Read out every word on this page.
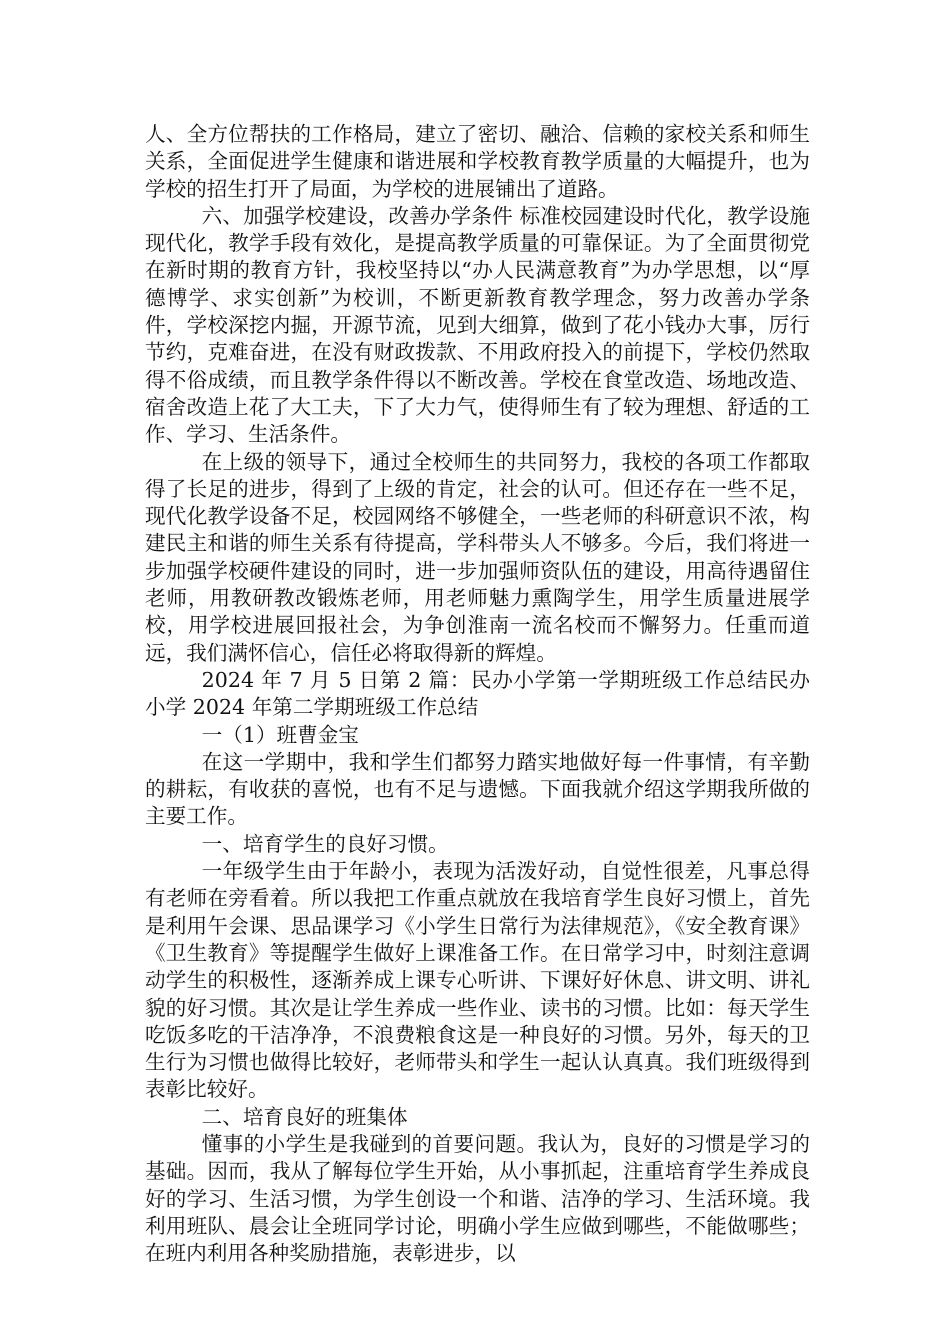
人、全方位帮扶的工作格局，建立了密切、融洽、信赖的家校关系和师生关系，全面促进学生健康和谐进展和学校教育教学质量的大幅提升，也为学校的招生打开了局面，为学校的进展铺出了道路。

六、加强学校建设，改善办学条件 标准校园建设时代化，教学设施现代化，教学手段有效化，是提高教学质量的可靠保证。为了全面贯彻党在新时期的教育方针，我校坚持以“办人民满意教育”为办学思想，以“厚德博学、求实创新”为校训，不断更新教育教学理念，努力改善办学条件，学校深挖内掘，开源节流，见到大细算，做到了花小钱办大事，厉行节约，克难奋进，在没有财政拨款、不用政府投入的前提下，学校仍然取得不俗成绩，而且教学条件得以不断改善。学校在食堂改造、场地改造、宿舍改造上花了大工夫，下了大力气，使得师生有了较为理想、舒适的工作、学习、生活条件。

在上级的领导下，通过全校师生的共同努力，我校的各项工作都取得了长足的进步，得到了上级的肯定，社会的认可。但还存在一些不足，现代化教学设备不足，校园网络不够健全，一些老师的科研意识不浓，构建民主和谐的师生关系有待提高，学科带头人不够多。今后，我们将进一步加强学校硬件建设的同时，进一步加强师资队伍的建设，用高待遇留住老师，用教研教改锻炼老师，用老师魅力熏陶学生，用学生质量进展学校，用学校进展回报社会，为争创淮南一流名校而不懈努力。任重而道远，我们满怀信心，信任必将取得新的辉煌。

2024 年 7 月 5 日第 2 篇：民办小学第一学期班级工作总结民办小学 2024 年第二学期班级工作总结

一（1）班曹金宝

在这一学期中，我和学生们都努力踏实地做好每一件事情，有辛勤的耕耘，有收获的喜悦，也有不足与遗憾。下面我就介绍这学期我所做的主要工作。

一、培育学生的良好习惯。

一年级学生由于年龄小，表现为活泼好动，自觉性很差，凡事总得有老师在旁看着。所以我把工作重点就放在我培育学生良好习惯上，首先是利用午会课、思品课学习《小学生日常行为法律规范》，《安全教育课》《卫生教育》等提醒学生做好上课准备工作。在日常学习中，时刻注意调动学生的积极性，逐渐养成上课专心听讲、下课好好休息、讲文明、讲礼貌的好习惯。其次是让学生养成一些作业、读书的习惯。比如：每天学生吃饭多吃的干洁净净，不浪费粮食这是一种良好的习惯。另外，每天的卫生行为习惯也做得比较好，老师带头和学生一起认认真真。我们班级得到表彰比较好。

二、培育良好的班集体

懂事的小学生是我碰到的首要问题。我认为，良好的习惯是学习的基础。因而，我从了解每位学生开始，从小事抓起，注重培育学生养成良好的学习、生活习惯，为学生创设一个和谐、洁净的学习、生活环境。我利用班队、晨会让全班同学讨论，明确小学生应做到哪些，不能做哪些；在班内利用各种奖励措施，表彰进步，以
